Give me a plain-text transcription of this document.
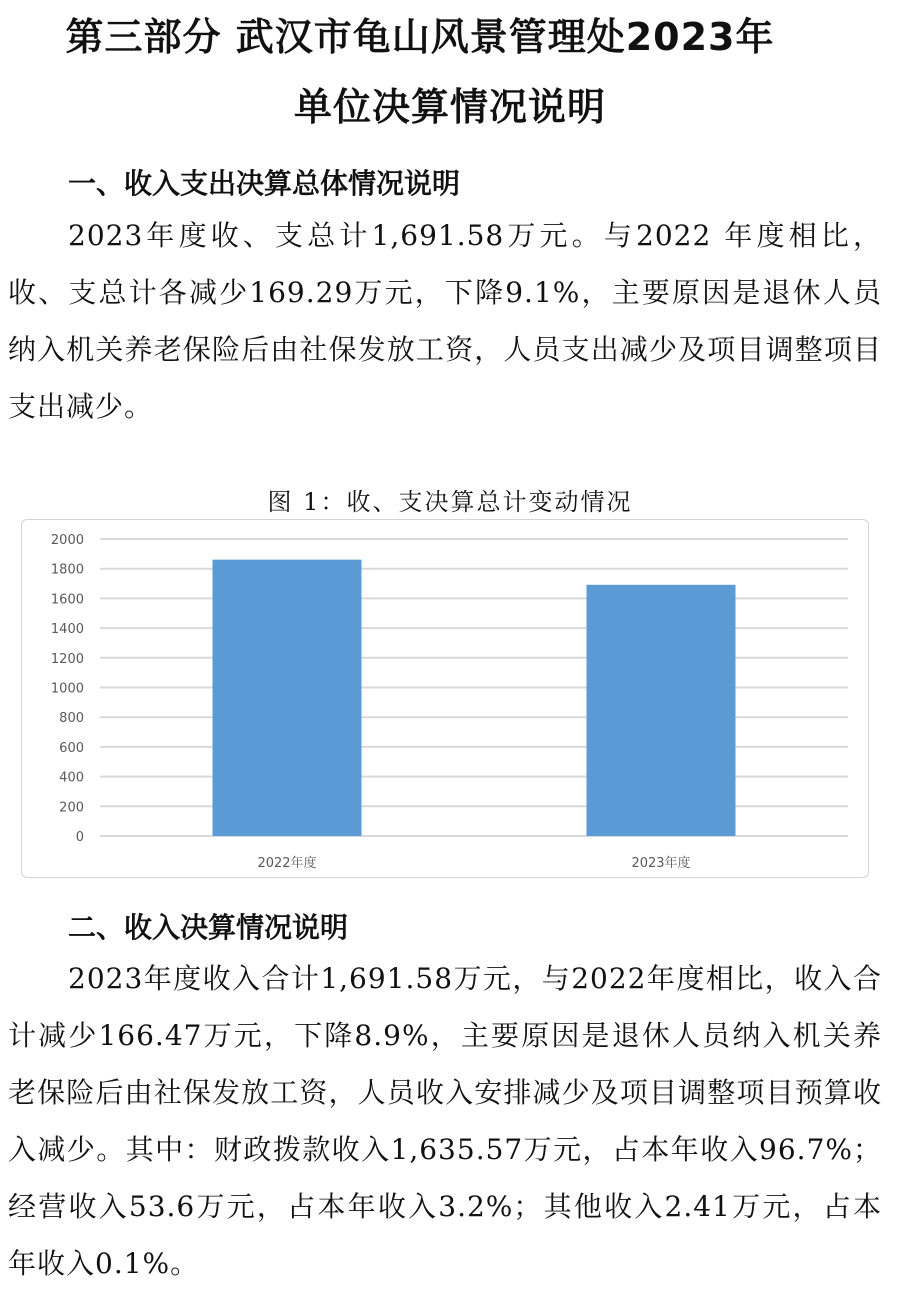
第三部分 武汉市龟山风景管理处2023年
单位决算情况说明
一、收入支出决算总体情况说明

2023年度收、支总计1,691.58万元。与2022 年度相比，收、支总计各减少169.29万元，下降9.1%，主要原因是退休人员纳入机关养老保险后由社保发放工资，人员支出减少及项目调整项目支出减少。

图 1：收、支决算总计变动情况
0
200
400
600
800
1000
1200
1400
1600
1800
2000
2022年度	2023年度
二、收入决算情况说明

2023年度收入合计1,691.58万元，与2022年度相比，收入合计减少166.47万元，下降8.9%，主要原因是退休人员纳入机关养老保险后由社保发放工资，人员收入安排减少及项目调整项目预算收入减少。其中：财政拨款收入1,635.57万元，占本年收入96.7%；经营收入53.6万元，占本年收入3.2%；其他收入2.41万元，占本年收入0.1%。
